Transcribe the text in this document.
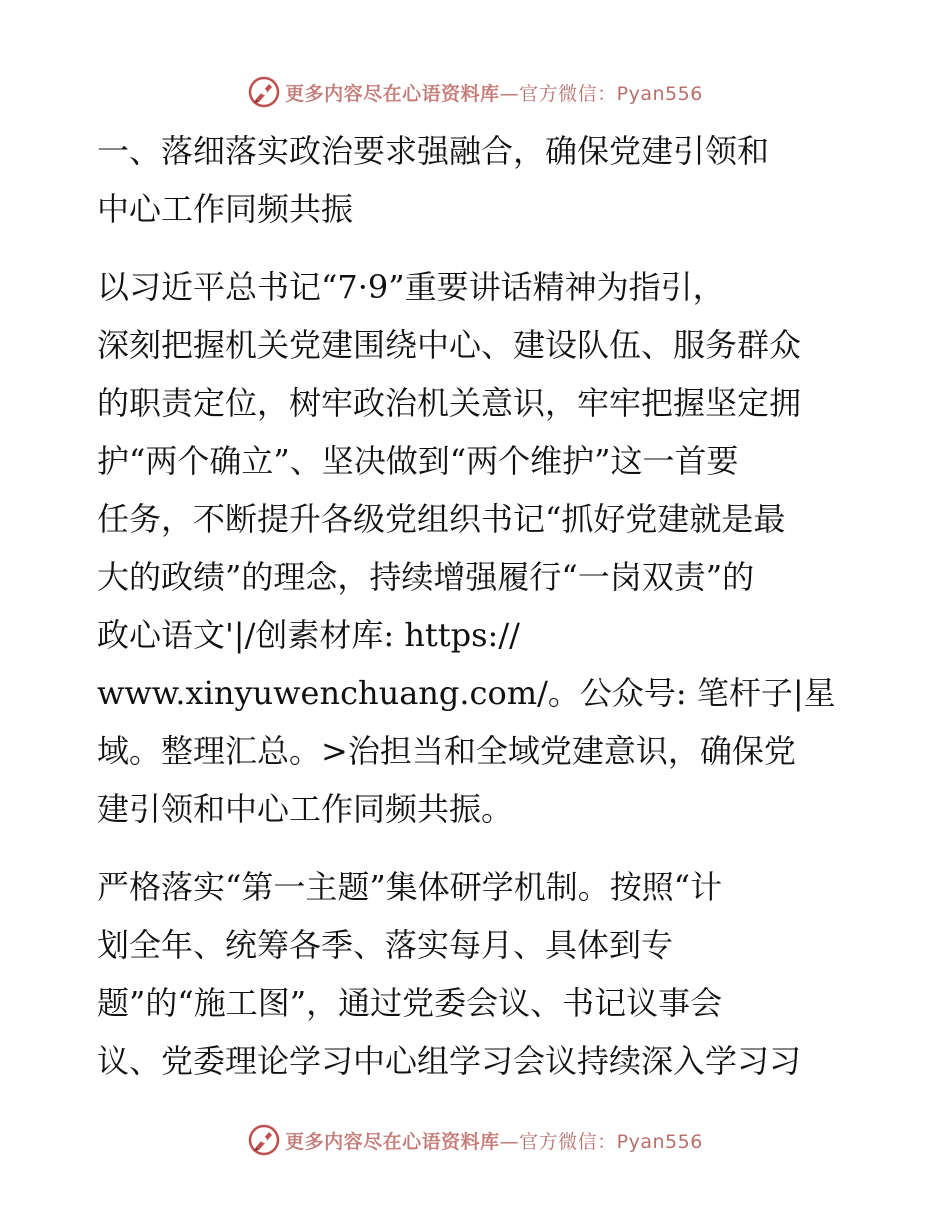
更多内容尽在心语资料库—官方微信：Pyan556

一、落细落实政治要求强融合，确保党建引领和
中心工作同频共振

以习近平总书记“7·9”重要讲话精神为指引，
深刻把握机关党建围绕中心、建设队伍、服务群众
的职责定位，树牢政治机关意识，牢牢把握坚定拥
护“两个确立”、坚决做到“两个维护”这一首要
任务，不断提升各级党组织书记“抓好党建就是最
大的政绩”的理念，持续增强履行“一岗双责”的
政心语文'|/创素材库: https://
www.xinyuwenchuang.com/。公众号: 笔杆子|星
域。整理汇总。>治担当和全域党建意识，确保党
建引领和中心工作同频共振。

严格落实“第一主题”集体研学机制。按照“计
划全年、统筹各季、落实每月、具体到专
题”的“施工图”，通过党委会议、书记议事会
议、党委理论学习中心组学习会议持续深入学习习

更多内容尽在心语资料库—官方微信：Pyan556
